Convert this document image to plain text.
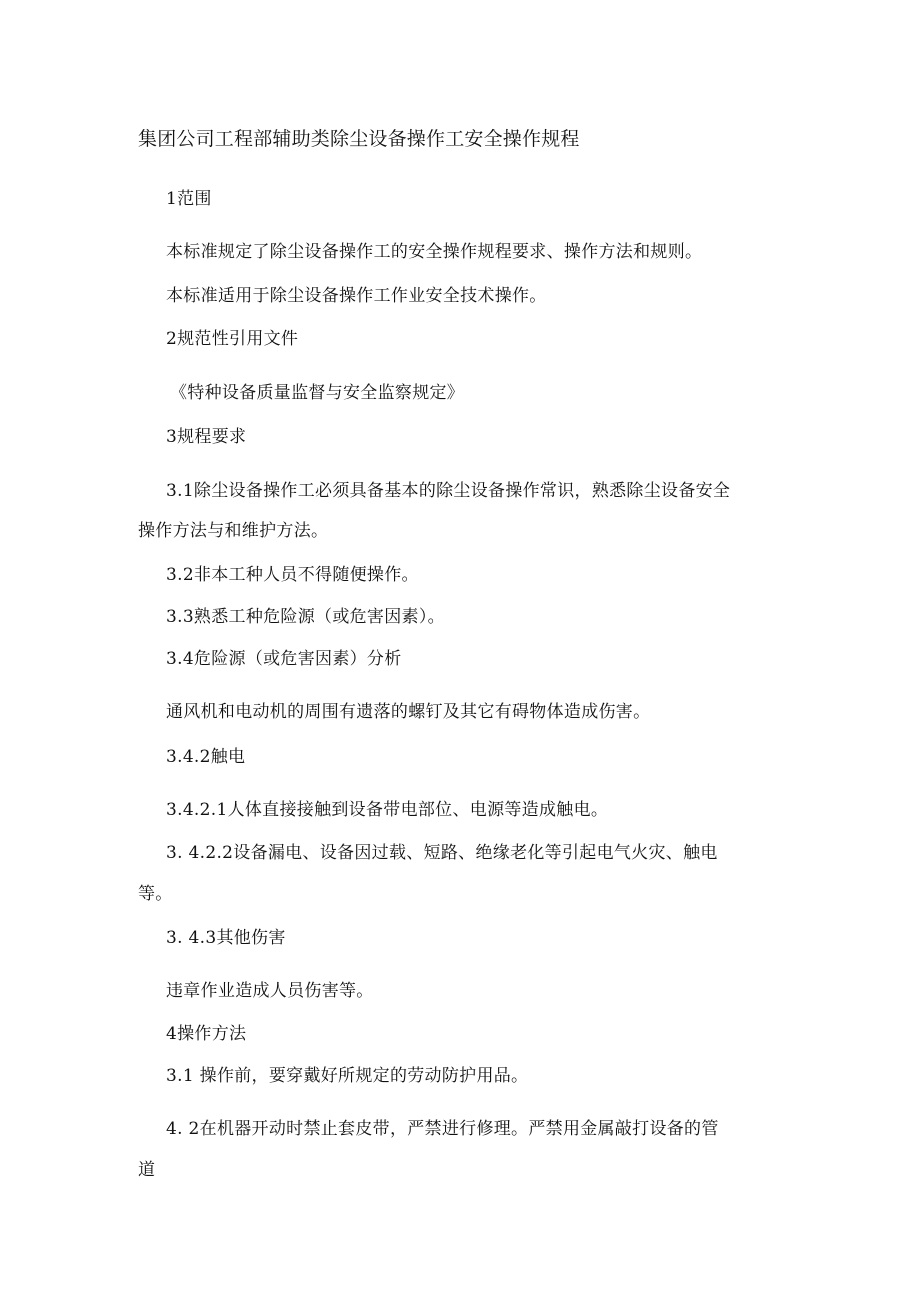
集团公司工程部辅助类除尘设备操作工安全操作规程
1范围
本标准规定了除尘设备操作工的安全操作规程要求、操作方法和规则。
本标准适用于除尘设备操作工作业安全技术操作。
2规范性引用文件
《特种设备质量监督与安全监察规定》
3规程要求
3.1除尘设备操作工必须具备基本的除尘设备操作常识，熟悉除尘设备安全
操作方法与和维护方法。
3.2非本工种人员不得随便操作。
3.3熟悉工种危险源（或危害因素）。
3.4危险源（或危害因素）分析
通风机和电动机的周围有遗落的螺钉及其它有碍物体造成伤害。
3.4.2触电
3.4.2.1人体直接接触到设备带电部位、电源等造成触电。
3. 4.2.2设备漏电、设备因过载、短路、绝缘老化等引起电气火灾、触电
等。
3. 4.3其他伤害
违章作业造成人员伤害等。
4操作方法
3.1 操作前，要穿戴好所规定的劳动防护用品。
4. 2在机器开动时禁止套皮带，严禁进行修理。严禁用金属敲打设备的管
道
